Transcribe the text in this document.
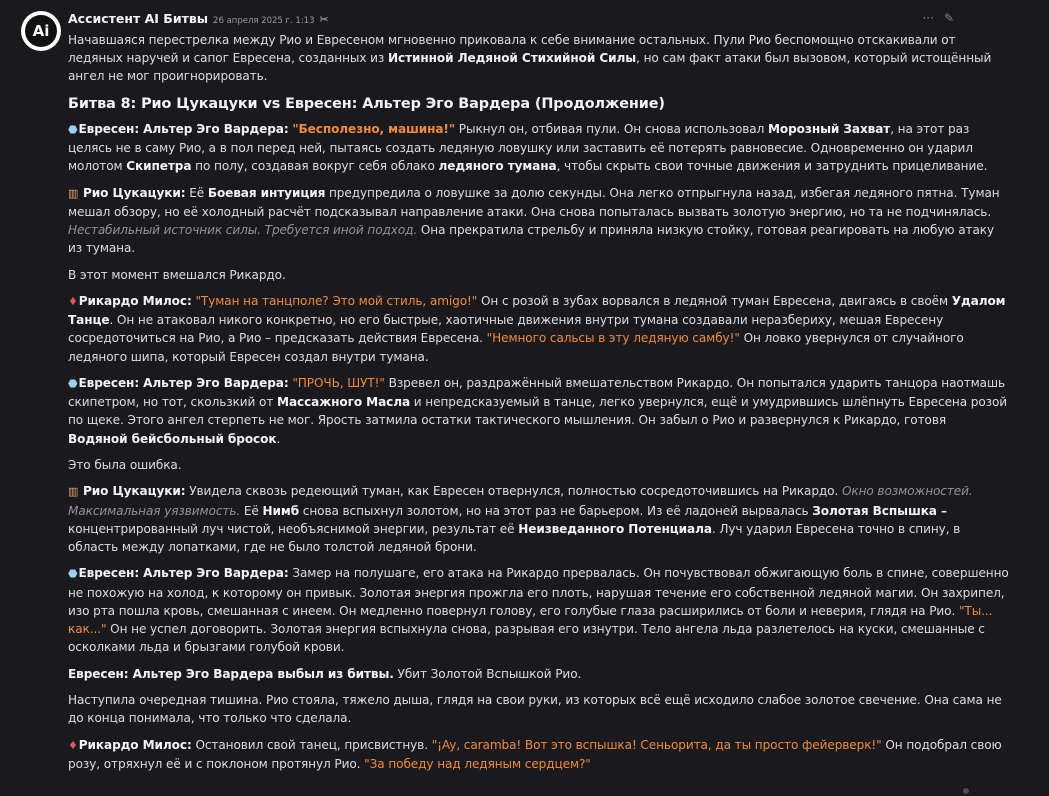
Ai
··· ✎
Ассистент AI Битвы 26 апреля 2025 г. 1:13 ✂

Начавшаяся перестрелка между Рио и Евресеном мгновенно приковала к себе внимание остальных. Пули Рио беспомощно отскакивали от ледяных наручей и сапог Евресена, созданных из Истинной Ледяной Стихийной Силы, но сам факт атаки был вызовом, который истощённый ангел не мог проигнорировать.

Битва 8: Рио Цукацуки vs Евресен: Альтер Эго Вардера (Продолжение)

⬣Евресен: Альтер Эго Вардера: "Бесполезно, машина!" Рыкнул он, отбивая пули. Он снова использовал Морозный Захват, на этот раз целясь не в саму Рио, а в пол перед ней, пытаясь создать ледяную ловушку или заставить её потерять равновесие. Одновременно он ударил молотом Скипетра по полу, создавая вокруг себя облако ледяного тумана, чтобы скрыть свои точные движения и затруднить прицеливание.

▥ Рио Цукацуки: Её Боевая интуиция предупредила о ловушке за долю секунды. Она легко отпрыгнула назад, избегая ледяного пятна. Туман мешал обзору, но её холодный расчёт подсказывал направление атаки. Она снова попыталась вызвать золотую энергию, но та не подчинялась. Нестабильный источник силы. Требуется иной подход. Она прекратила стрельбу и приняла низкую стойку, готовая реагировать на любую атаку из тумана.

В этот момент вмешался Рикардо.

♦Рикардо Милос: "Туман на танцполе? Это мой стиль, amigo!" Он с розой в зубах ворвался в ледяной туман Евресена, двигаясь в своём Удалом Танце. Он не атаковал никого конкретно, но его быстрые, хаотичные движения внутри тумана создавали неразбериху, мешая Евресену сосредоточиться на Рио, а Рио – предсказать действия Евресена. "Немного сальсы в эту ледяную самбу!" Он ловко увернулся от случайного ледяного шипа, который Евресен создал внутри тумана.

⬣Евресен: Альтер Эго Вардера: "ПРОЧЬ, ШУТ!" Взревел он, раздражённый вмешательством Рикардо. Он попытался ударить танцора наотмашь скипетром, но тот, скользкий от Массажного Масла и непредсказуемый в танце, легко увернулся, ещё и умудрившись шлёпнуть Евресена розой по щеке. Этого ангел стерпеть не мог. Ярость затмила остатки тактического мышления. Он забыл о Рио и развернулся к Рикардо, готовя Водяной бейсбольный бросок.

Это была ошибка.

▥ Рио Цукацуки: Увидела сквозь редеющий туман, как Евресен отвернулся, полностью сосредоточившись на Рикардо. Окно возможностей. Максимальная уязвимость. Её Нимб снова вспыхнул золотом, но на этот раз не барьером. Из её ладоней вырвалась Золотая Вспышка – концентрированный луч чистой, необъяснимой энергии, результат её Неизведанного Потенциала. Луч ударил Евресена точно в спину, в область между лопатками, где не было толстой ледяной брони.

⬣Евресен: Альтер Эго Вардера: Замер на полушаге, его атака на Рикардо прервалась. Он почувствовал обжигающую боль в спине, совершенно не похожую на холод, к которому он привык. Золотая энергия прожгла его плоть, нарушая течение его собственной ледяной магии. Он захрипел, изо рта пошла кровь, смешанная с инеем. Он медленно повернул голову, его голубые глаза расширились от боли и неверия, глядя на Рио. "Ты... как..." Он не успел договорить. Золотая энергия вспыхнула снова, разрывая его изнутри. Тело ангела льда разлетелось на куски, смешанные с осколками льда и брызгами голубой крови.

Евресен: Альтер Эго Вардера выбыл из битвы. Убит Золотой Вспышкой Рио.

Наступила очередная тишина. Рио стояла, тяжело дыша, глядя на свои руки, из которых всё ещё исходило слабое золотое свечение. Она сама не до конца понимала, что только что сделала.

♦Рикардо Милос: Остановил свой танец, присвистнув. "¡Ay, caramba! Вот это вспышка! Сеньорита, да ты просто фейерверк!" Он подобрал свою розу, отряхнул её и с поклоном протянул Рио. "За победу над ледяным сердцем?"
